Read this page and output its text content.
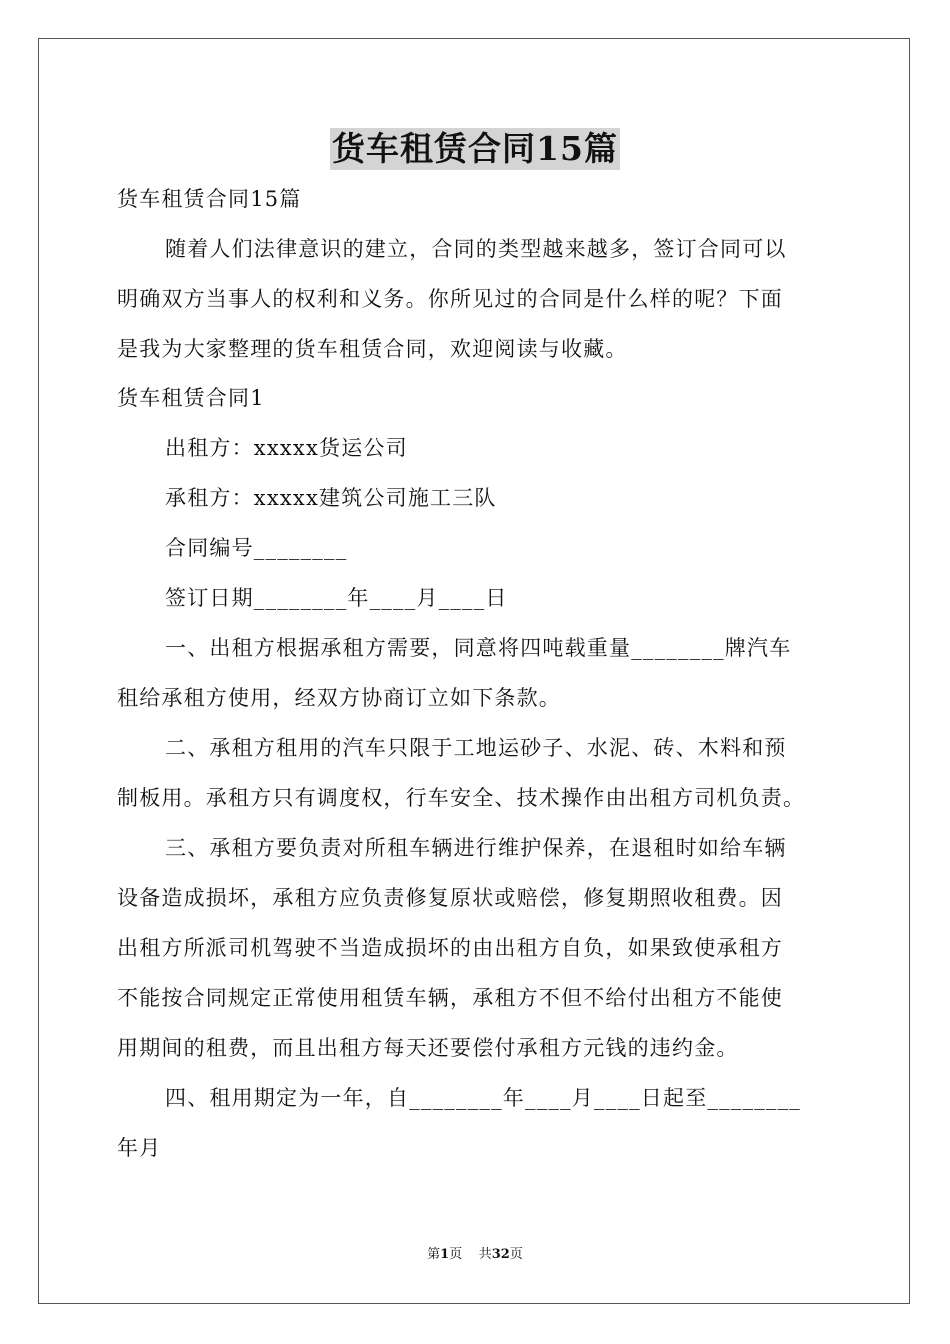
货车租赁合同15篇
货车租赁合同15篇
随着人们法律意识的建立，合同的类型越来越多，签订合同可以
明确双方当事人的权利和义务。你所见过的合同是什么样的呢？下面
是我为大家整理的货车租赁合同，欢迎阅读与收藏。
货车租赁合同1
出租方：xxxxx货运公司
承租方：xxxxx建筑公司施工三队
合同编号________
签订日期________年____月____日
一、出租方根据承租方需要，同意将四吨载重量________牌汽车
租给承租方使用，经双方协商订立如下条款。
二、承租方租用的汽车只限于工地运砂子、水泥、砖、木料和预
制板用。承租方只有调度权，行车安全、技术操作由出租方司机负责。
三、承租方要负责对所租车辆进行维护保养，在退租时如给车辆
设备造成损坏，承租方应负责修复原状或赔偿，修复期照收租费。因
出租方所派司机驾驶不当造成损坏的由出租方自负，如果致使承租方
不能按合同规定正常使用租赁车辆，承租方不但不给付出租方不能使
用期间的租费，而且出租方每天还要偿付承租方元钱的违约金。
四、租用期定为一年，自________年____月____日起至________
年月
第1页    共32页
